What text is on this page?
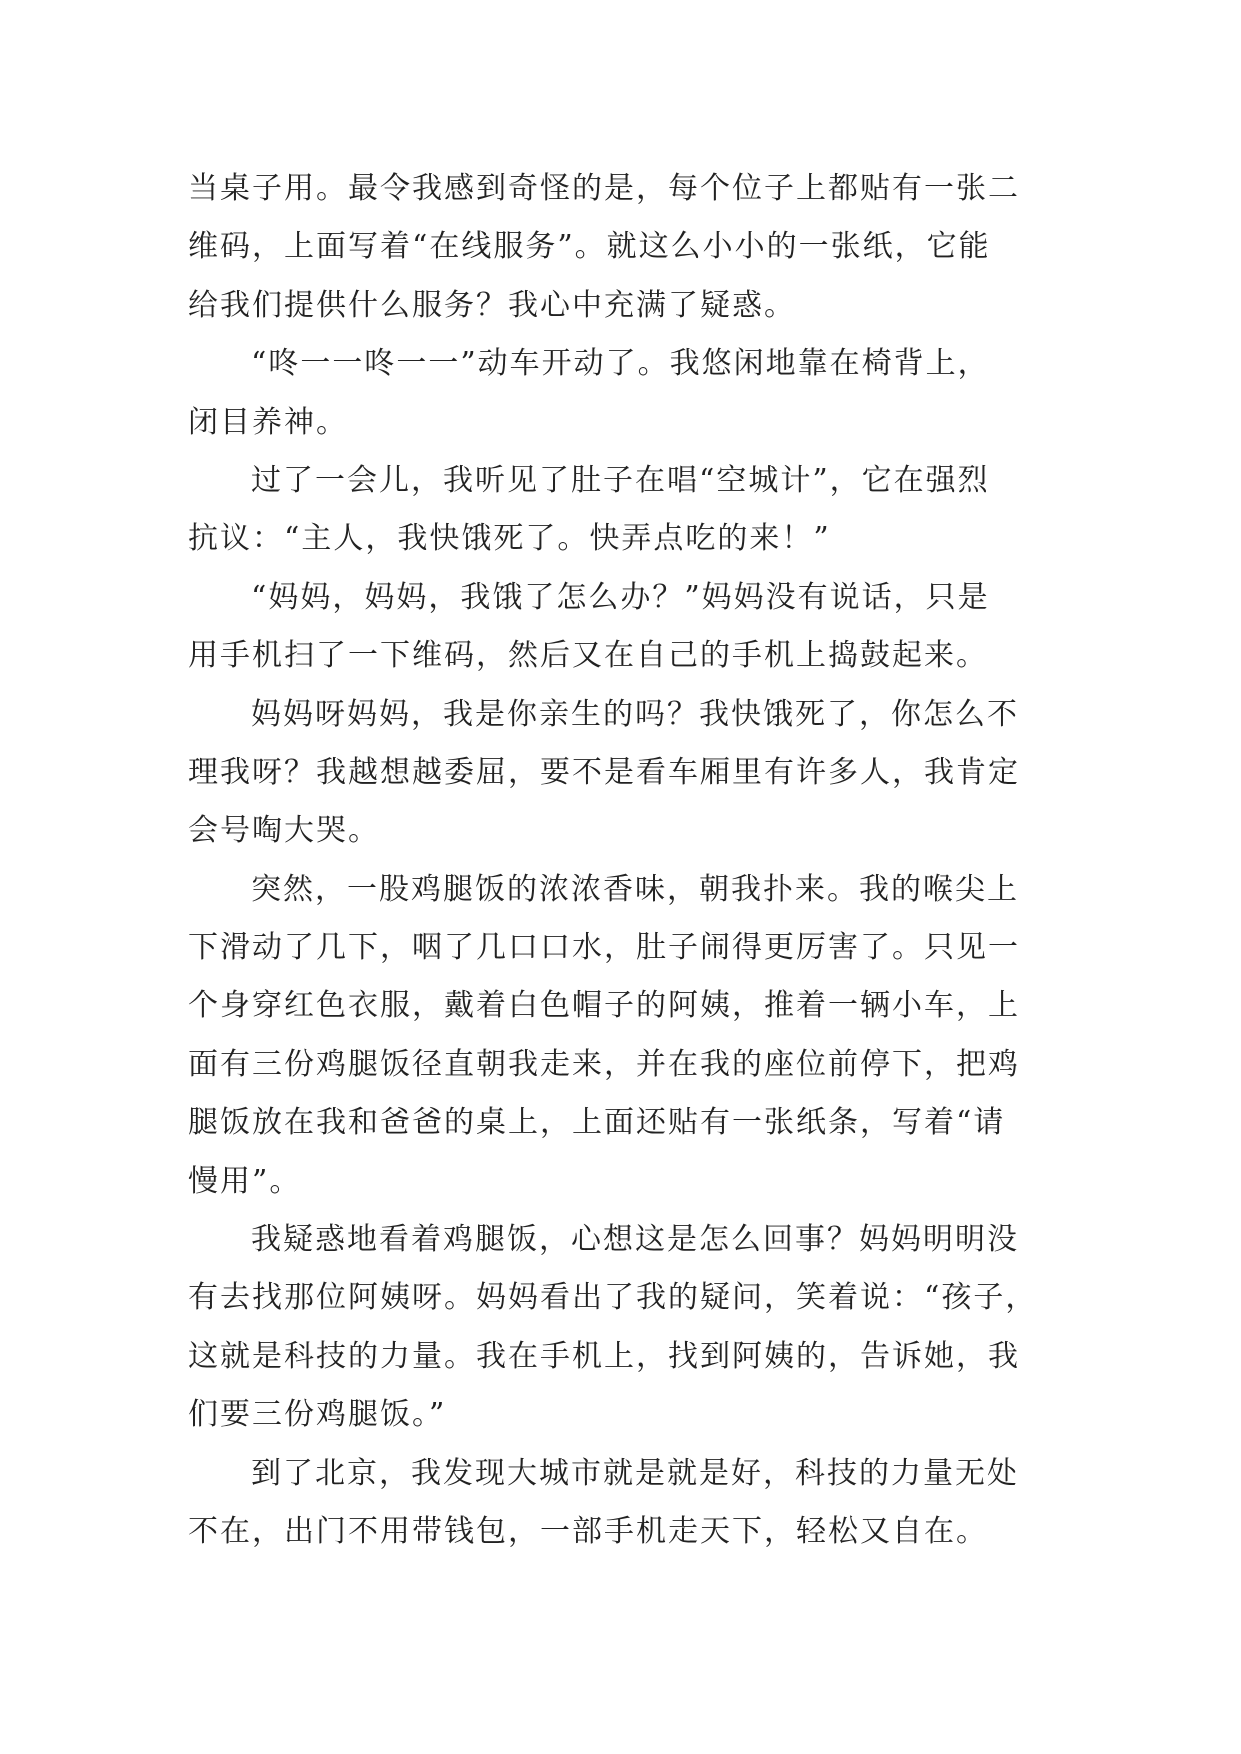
当桌子用。最令我感到奇怪的是，每个位子上都贴有一张二
维码，上面写着“在线服务”。就这么小小的一张纸，它能
给我们提供什么服务？我心中充满了疑惑。
“咚一一咚一一”动车开动了。我悠闲地靠在椅背上，
闭目养神。
过了一会儿，我听见了肚子在唱“空城计”，它在强烈
抗议：“主人，我快饿死了。快弄点吃的来！”
“妈妈，妈妈，我饿了怎么办？”妈妈没有说话，只是
用手机扫了一下维码，然后又在自己的手机上捣鼓起来。
妈妈呀妈妈，我是你亲生的吗？我快饿死了，你怎么不
理我呀？我越想越委屈，要不是看车厢里有许多人，我肯定
会号啕大哭。
突然，一股鸡腿饭的浓浓香味，朝我扑来。我的喉尖上
下滑动了几下，咽了几口口水，肚子闹得更厉害了。只见一
个身穿红色衣服，戴着白色帽子的阿姨，推着一辆小车，上
面有三份鸡腿饭径直朝我走来，并在我的座位前停下，把鸡
腿饭放在我和爸爸的桌上，上面还贴有一张纸条，写着“请
慢用”。
我疑惑地看着鸡腿饭，心想这是怎么回事？妈妈明明没
有去找那位阿姨呀。妈妈看出了我的疑问，笑着说：“孩子，
这就是科技的力量。我在手机上，找到阿姨的，告诉她，我
们要三份鸡腿饭。”
到了北京，我发现大城市就是就是好，科技的力量无处
不在，出门不用带钱包，一部手机走天下，轻松又自在。
